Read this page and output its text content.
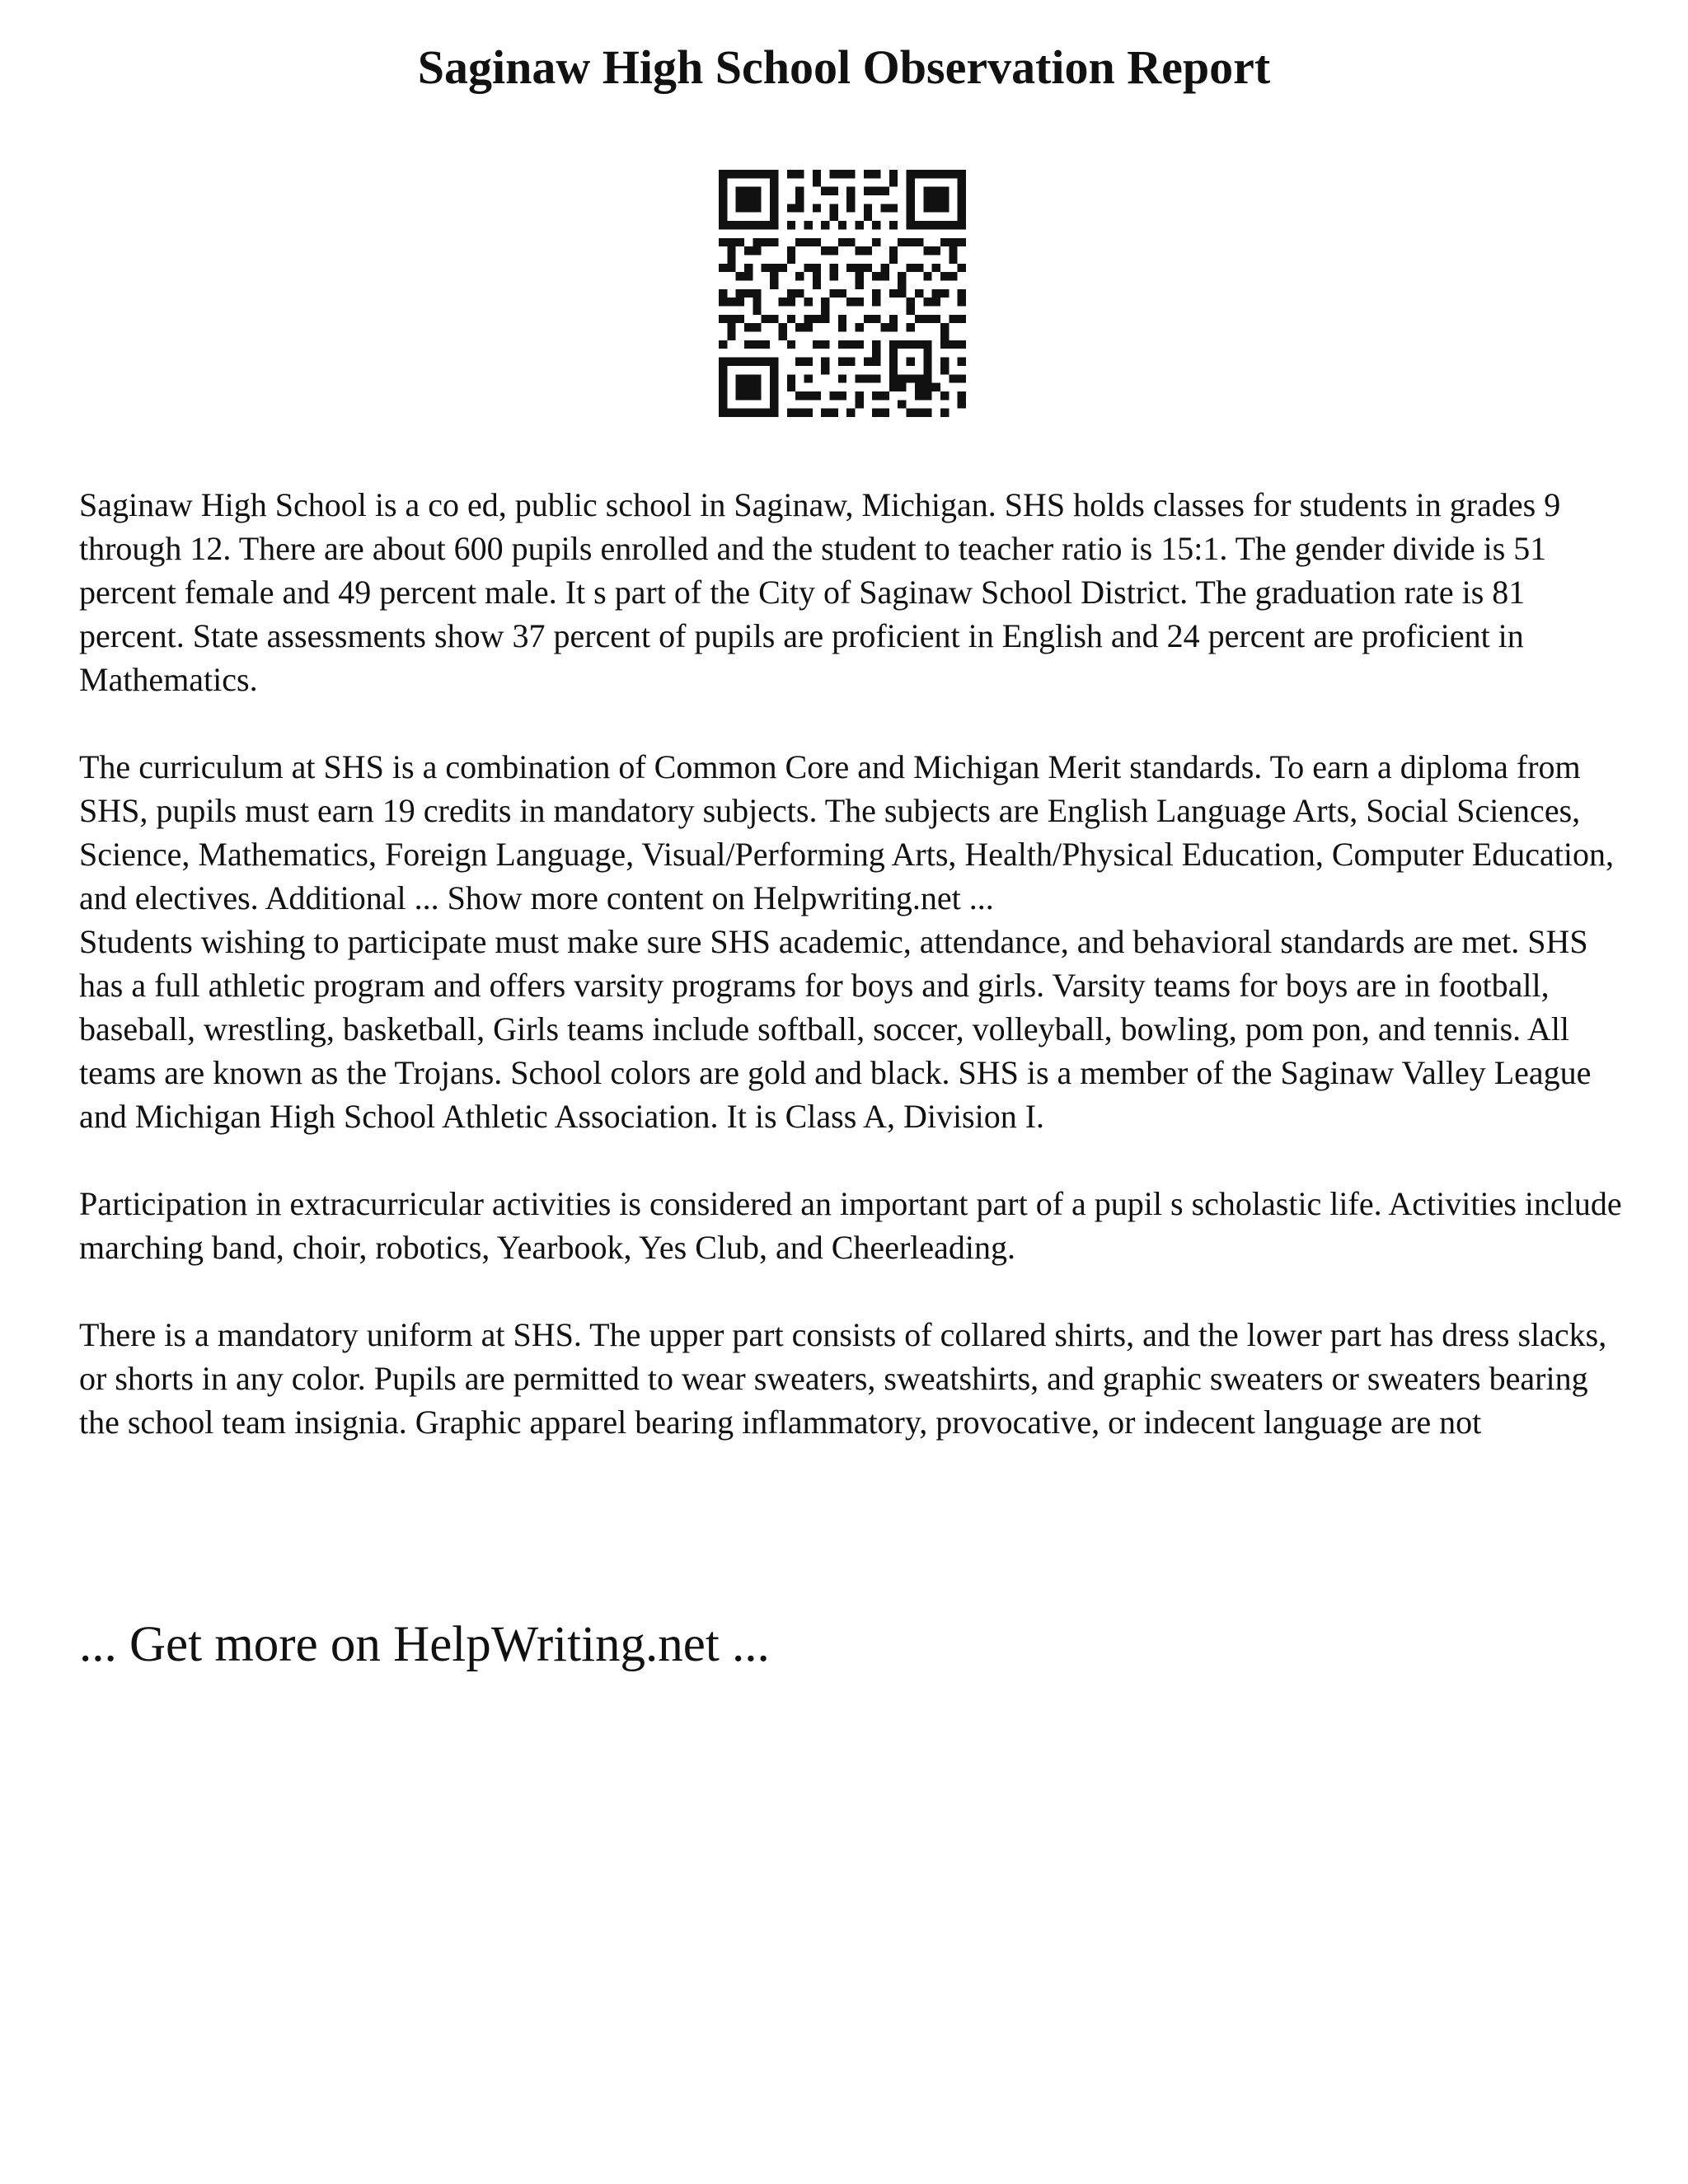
Saginaw High School Observation Report

Saginaw High School is a co ed, public school in Saginaw, Michigan. SHS holds classes for students in grades 9 through 12. There are about 600 pupils enrolled and the student to teacher ratio is 15:1. The gender divide is 51 percent female and 49 percent male. It s part of the City of Saginaw School District. The graduation rate is 81 percent. State assessments show 37 percent of pupils are proficient in English and 24 percent are proficient in Mathematics.

The curriculum at SHS is a combination of Common Core and Michigan Merit standards. To earn a diploma from SHS, pupils must earn 19 credits in mandatory subjects. The subjects are English Language Arts, Social Sciences, Science, Mathematics, Foreign Language, Visual/Performing Arts, Health/Physical Education, Computer Education, and electives. Additional ... Show more content on Helpwriting.net ...

Students wishing to participate must make sure SHS academic, attendance, and behavioral standards are met. SHS has a full athletic program and offers varsity programs for boys and girls. Varsity teams for boys are in football, baseball, wrestling, basketball, Girls teams include softball, soccer, volleyball, bowling, pom pon, and tennis. All teams are known as the Trojans. School colors are gold and black. SHS is a member of the Saginaw Valley League and Michigan High School Athletic Association. It is Class A, Division I.

Participation in extracurricular activities is considered an important part of a pupil s scholastic life. Activities include marching band, choir, robotics, Yearbook, Yes Club, and Cheerleading.

There is a mandatory uniform at SHS. The upper part consists of collared shirts, and the lower part has dress slacks, or shorts in any color. Pupils are permitted to wear sweaters, sweatshirts, and graphic sweaters or sweaters bearing the school team insignia. Graphic apparel bearing inflammatory, provocative, or indecent language are not

... Get more on HelpWriting.net ...
